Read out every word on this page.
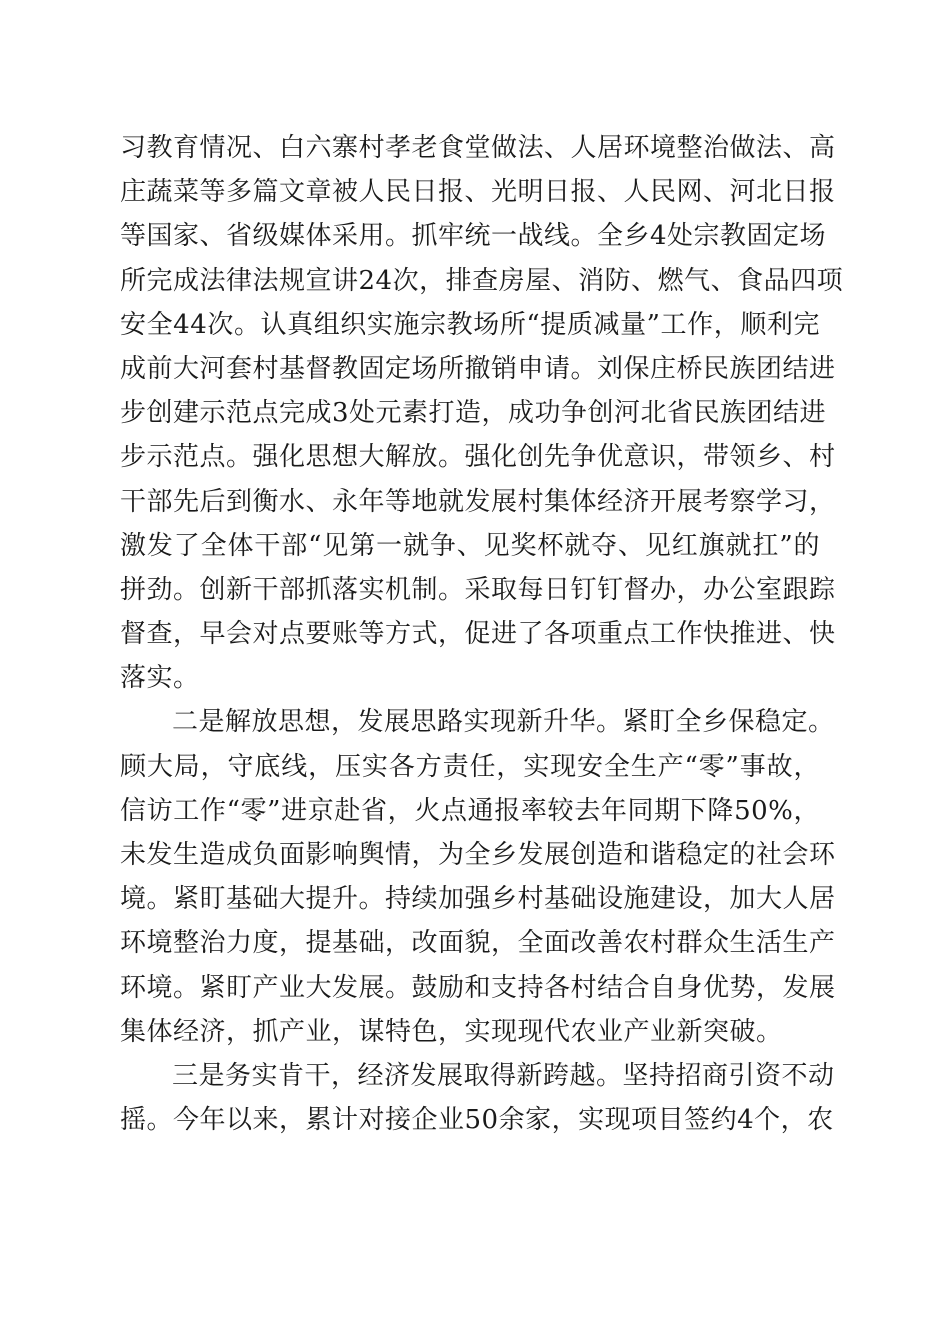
习教育情况、白六寨村孝老食堂做法、人居环境整治做法、高
庄蔬菜等多篇文章被人民日报、光明日报、人民网、河北日报
等国家、省级媒体采用。抓牢统一战线。全乡4处宗教固定场
所完成法律法规宣讲24次，排查房屋、消防、燃气、食品四项
安全44次。认真组织实施宗教场所“提质减量”工作，顺利完
成前大河套村基督教固定场所撤销申请。刘保庄桥民族团结进
步创建示范点完成3处元素打造，成功争创河北省民族团结进
步示范点。强化思想大解放。强化创先争优意识，带领乡、村
干部先后到衡水、永年等地就发展村集体经济开展考察学习，
激发了全体干部“见第一就争、见奖杯就夺、见红旗就扛”的
拼劲。创新干部抓落实机制。采取每日钉钉督办，办公室跟踪
督查，早会对点要账等方式，促进了各项重点工作快推进、快
落实。
二是解放思想，发展思路实现新升华。紧盯全乡保稳定。
顾大局，守底线，压实各方责任，实现安全生产“零”事故，
信访工作“零”进京赴省，火点通报率较去年同期下降50%，
未发生造成负面影响舆情，为全乡发展创造和谐稳定的社会环
境。紧盯基础大提升。持续加强乡村基础设施建设，加大人居
环境整治力度，提基础，改面貌，全面改善农村群众生活生产
环境。紧盯产业大发展。鼓励和支持各村结合自身优势，发展
集体经济，抓产业，谋特色，实现现代农业产业新突破。
三是务实肯干，经济发展取得新跨越。坚持招商引资不动
摇。今年以来，累计对接企业50余家，实现项目签约4个，农
